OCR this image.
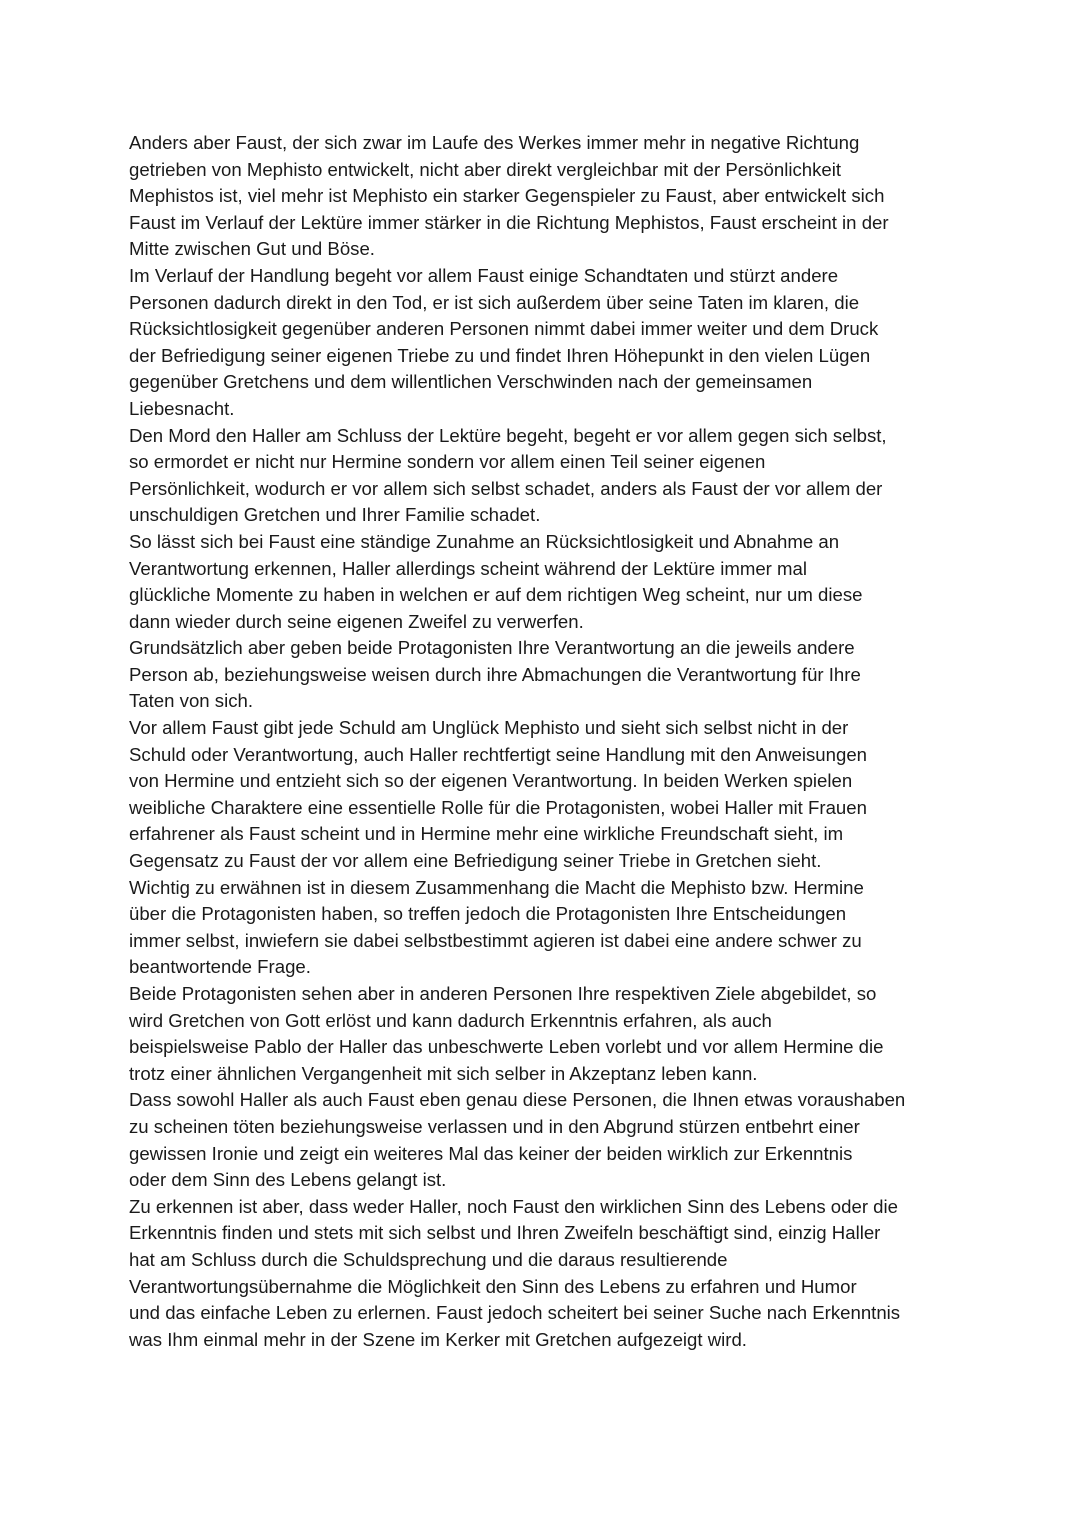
Anders aber Faust, der sich zwar im Laufe des Werkes immer mehr in negative Richtung
getrieben von Mephisto entwickelt, nicht aber direkt vergleichbar mit der Persönlichkeit
Mephistos ist, viel mehr ist Mephisto ein starker Gegenspieler zu Faust, aber entwickelt sich
Faust im Verlauf der Lektüre immer stärker in die Richtung Mephistos, Faust erscheint in der
Mitte zwischen Gut und Böse.
Im Verlauf der Handlung begeht vor allem Faust einige Schandtaten und stürzt andere
Personen dadurch direkt in den Tod, er ist sich außerdem über seine Taten im klaren, die
Rücksichtlosigkeit gegenüber anderen Personen nimmt dabei immer weiter und dem Druck
der Befriedigung seiner eigenen Triebe zu und findet Ihren Höhepunkt in den vielen Lügen
gegenüber Gretchens und dem willentlichen Verschwinden nach der gemeinsamen
Liebesnacht.
Den Mord den Haller am Schluss der Lektüre begeht, begeht er vor allem gegen sich selbst,
so ermordet er nicht nur Hermine sondern vor allem einen Teil seiner eigenen
Persönlichkeit, wodurch er vor allem sich selbst schadet, anders als Faust der vor allem der
unschuldigen Gretchen und Ihrer Familie schadet.
So lässt sich bei Faust eine ständige Zunahme an Rücksichtlosigkeit und Abnahme an
Verantwortung erkennen, Haller allerdings scheint während der Lektüre immer mal
glückliche Momente zu haben in welchen er auf dem richtigen Weg scheint, nur um diese
dann wieder durch seine eigenen Zweifel zu verwerfen.
Grundsätzlich aber geben beide Protagonisten Ihre Verantwortung an die jeweils andere
Person ab, beziehungsweise weisen durch ihre Abmachungen die Verantwortung für Ihre
Taten von sich.
Vor allem Faust gibt jede Schuld am Unglück Mephisto und sieht sich selbst nicht in der
Schuld oder Verantwortung, auch Haller rechtfertigt seine Handlung mit den Anweisungen
von Hermine und entzieht sich so der eigenen Verantwortung. In beiden Werken spielen
weibliche Charaktere eine essentielle Rolle für die Protagonisten, wobei Haller mit Frauen
erfahrener als Faust scheint und in Hermine mehr eine wirkliche Freundschaft sieht, im
Gegensatz zu Faust der vor allem eine Befriedigung seiner Triebe in Gretchen sieht.
Wichtig zu erwähnen ist in diesem Zusammenhang die Macht die Mephisto bzw. Hermine
über die Protagonisten haben, so treffen jedoch die Protagonisten Ihre Entscheidungen
immer selbst, inwiefern sie dabei selbstbestimmt agieren ist dabei eine andere schwer zu
beantwortende Frage.
Beide Protagonisten sehen aber in anderen Personen Ihre respektiven Ziele abgebildet, so
wird Gretchen von Gott erlöst und kann dadurch Erkenntnis erfahren, als auch
beispielsweise Pablo der Haller das unbeschwerte Leben vorlebt und vor allem Hermine die
trotz einer ähnlichen Vergangenheit mit sich selber in Akzeptanz leben kann.
Dass sowohl Haller als auch Faust eben genau diese Personen, die Ihnen etwas voraushaben
zu scheinen töten beziehungsweise verlassen und in den Abgrund stürzen entbehrt einer
gewissen Ironie und zeigt ein weiteres Mal das keiner der beiden wirklich zur Erkenntnis
oder dem Sinn des Lebens gelangt ist.
Zu erkennen ist aber, dass weder Haller, noch Faust den wirklichen Sinn des Lebens oder die
Erkenntnis finden und stets mit sich selbst und Ihren Zweifeln beschäftigt sind, einzig Haller
hat am Schluss durch die Schuldsprechung und die daraus resultierende
Verantwortungsübernahme die Möglichkeit den Sinn des Lebens zu erfahren und Humor
und das einfache Leben zu erlernen. Faust jedoch scheitert bei seiner Suche nach Erkenntnis
was Ihm einmal mehr in der Szene im Kerker mit Gretchen aufgezeigt wird.
